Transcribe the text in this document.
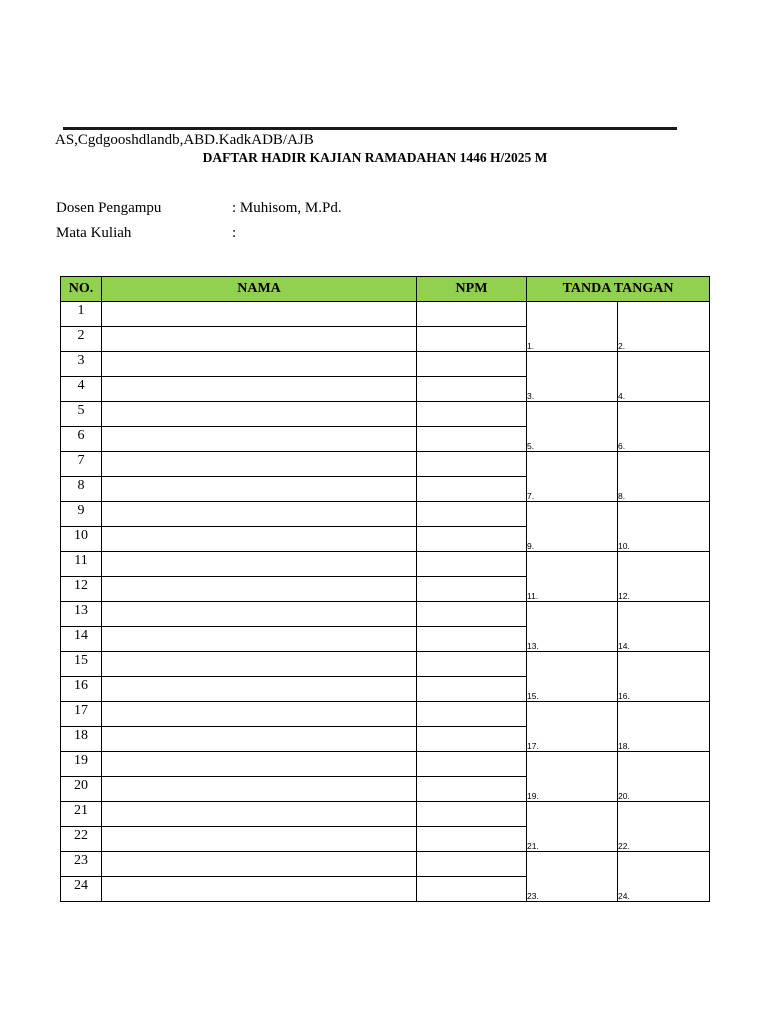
AS,Cgdgooshdlandb,ABD.KadkADB/AJB
DAFTAR HADIR KAJIAN RAMADAHAN 1446 H/2025 M
Dosen Pengampu	: Muhisom, M.Pd.
Mata Kuliah	:
NO.	NAMA	NPM	TANDA TANGAN	
1			1.	2.
2				
3			3.	4.
4				
5			5.	6.
6				
7			7.	8.
8				
9			9.	10.
10				
11			11.	12.
12				
13			13.	14.
14				
15			15.	16.
16				
17			17.	18.
18				
19			19.	20.
20				
21			21.	22.
22				
23			23.	24.
24				
